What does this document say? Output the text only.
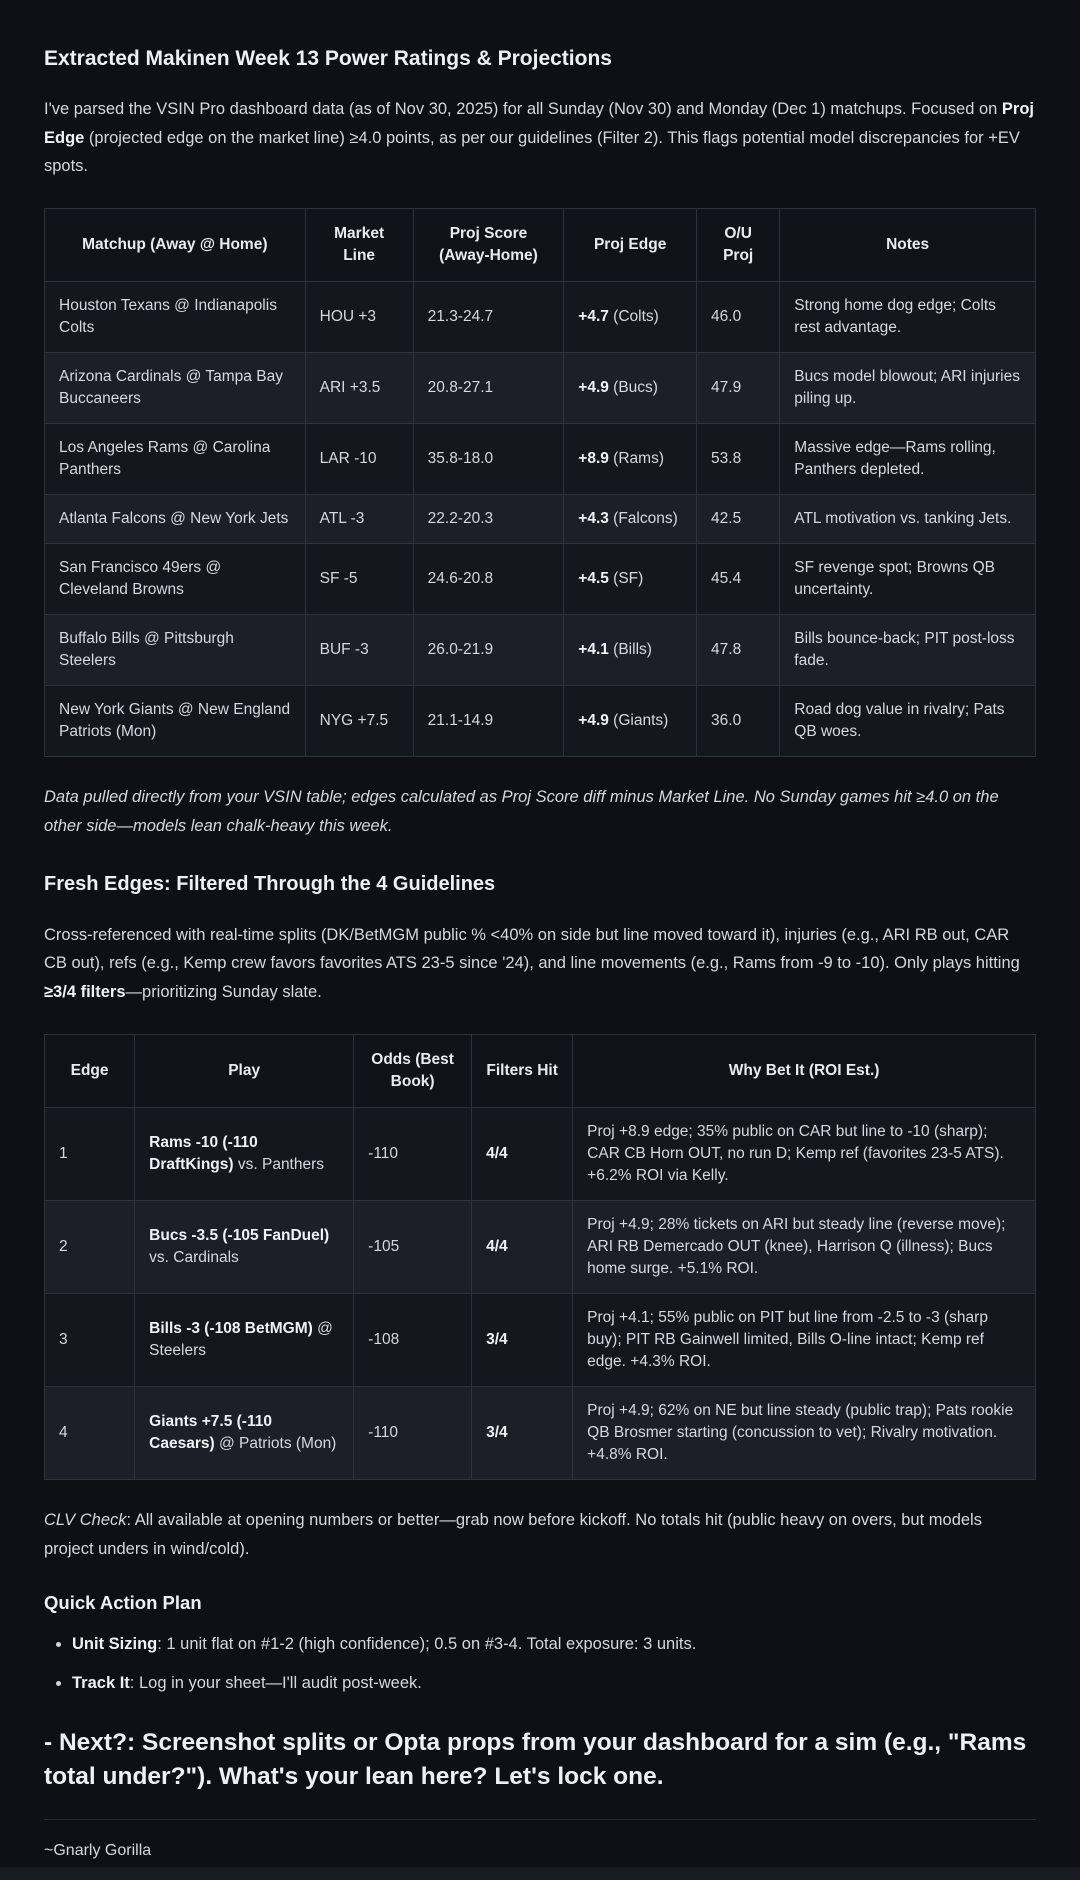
Extracted Makinen Week 13 Power Ratings & Projections

I've parsed the VSIN Pro dashboard data (as of Nov 30, 2025) for all Sunday (Nov 30) and Monday (Dec 1) matchups. Focused on Proj Edge (projected edge on the market line) ≥4.0 points, as per our guidelines (Filter 2). This flags potential model discrepancies for +EV spots.

Matchup (Away @ Home)	Market Line	Proj Score (Away-Home)	Proj Edge	O/U Proj	Notes
Houston Texans @ Indianapolis Colts	HOU +3	21.3-24.7	+4.7 (Colts)	46.0	Strong home dog edge; Colts rest advantage.
Arizona Cardinals @ Tampa Bay Buccaneers	ARI +3.5	20.8-27.1	+4.9 (Bucs)	47.9	Bucs model blowout; ARI injuries piling up.
Los Angeles Rams @ Carolina Panthers	LAR -10	35.8-18.0	+8.9 (Rams)	53.8	Massive edge—Rams rolling, Panthers depleted.
Atlanta Falcons @ New York Jets	ATL -3	22.2-20.3	+4.3 (Falcons)	42.5	ATL motivation vs. tanking Jets.
San Francisco 49ers @ Cleveland Browns	SF -5	24.6-20.8	+4.5 (SF)	45.4	SF revenge spot; Browns QB uncertainty.
Buffalo Bills @ Pittsburgh Steelers	BUF -3	26.0-21.9	+4.1 (Bills)	47.8	Bills bounce-back; PIT post-loss fade.
New York Giants @ New England Patriots (Mon)	NYG +7.5	21.1-14.9	+4.9 (Giants)	36.0	Road dog value in rivalry; Pats QB woes.

Data pulled directly from your VSIN table; edges calculated as Proj Score diff minus Market Line. No Sunday games hit ≥4.0 on the other side—models lean chalk-heavy this week.

Fresh Edges: Filtered Through the 4 Guidelines

Cross-referenced with real-time splits (DK/BetMGM public % <40% on side but line moved toward it), injuries (e.g., ARI RB out, CAR CB out), refs (e.g., Kemp crew favors favorites ATS 23-5 since '24), and line movements (e.g., Rams from -9 to -10). Only plays hitting ≥3/4 filters—prioritizing Sunday slate.

Edge	Play	Odds (Best Book)	Filters Hit	Why Bet It (ROI Est.)
1	Rams -10 (-110 DraftKings) vs. Panthers	-110	4/4	Proj +8.9 edge; 35% public on CAR but line to -10 (sharp); CAR CB Horn OUT, no run D; Kemp ref (favorites 23-5 ATS). +6.2% ROI via Kelly.
2	Bucs -3.5 (-105 FanDuel) vs. Cardinals	-105	4/4	Proj +4.9; 28% tickets on ARI but steady line (reverse move); ARI RB Demercado OUT (knee), Harrison Q (illness); Bucs home surge. +5.1% ROI.
3	Bills -3 (-108 BetMGM) @ Steelers	-108	3/4	Proj +4.1; 55% public on PIT but line from -2.5 to -3 (sharp buy); PIT RB Gainwell limited, Bills O-line intact; Kemp ref edge. +4.3% ROI.
4	Giants +7.5 (-110 Caesars) @ Patriots (Mon)	-110	3/4	Proj +4.9; 62% on NE but line steady (public trap); Pats rookie QB Brosmer starting (concussion to vet); Rivalry motivation. +4.8% ROI.

CLV Check: All available at opening numbers or better—grab now before kickoff. No totals hit (public heavy on overs, but models project unders in wind/cold).

Quick Action Plan
• Unit Sizing: 1 unit flat on #1-2 (high confidence); 0.5 on #3-4. Total exposure: 3 units.
• Track It: Log in your sheet—I'll audit post-week.
- Next?: Screenshot splits or Opta props from your dashboard for a sim (e.g., "Rams total under?"). What's your lean here? Let's lock one.

~Gnarly Gorilla
